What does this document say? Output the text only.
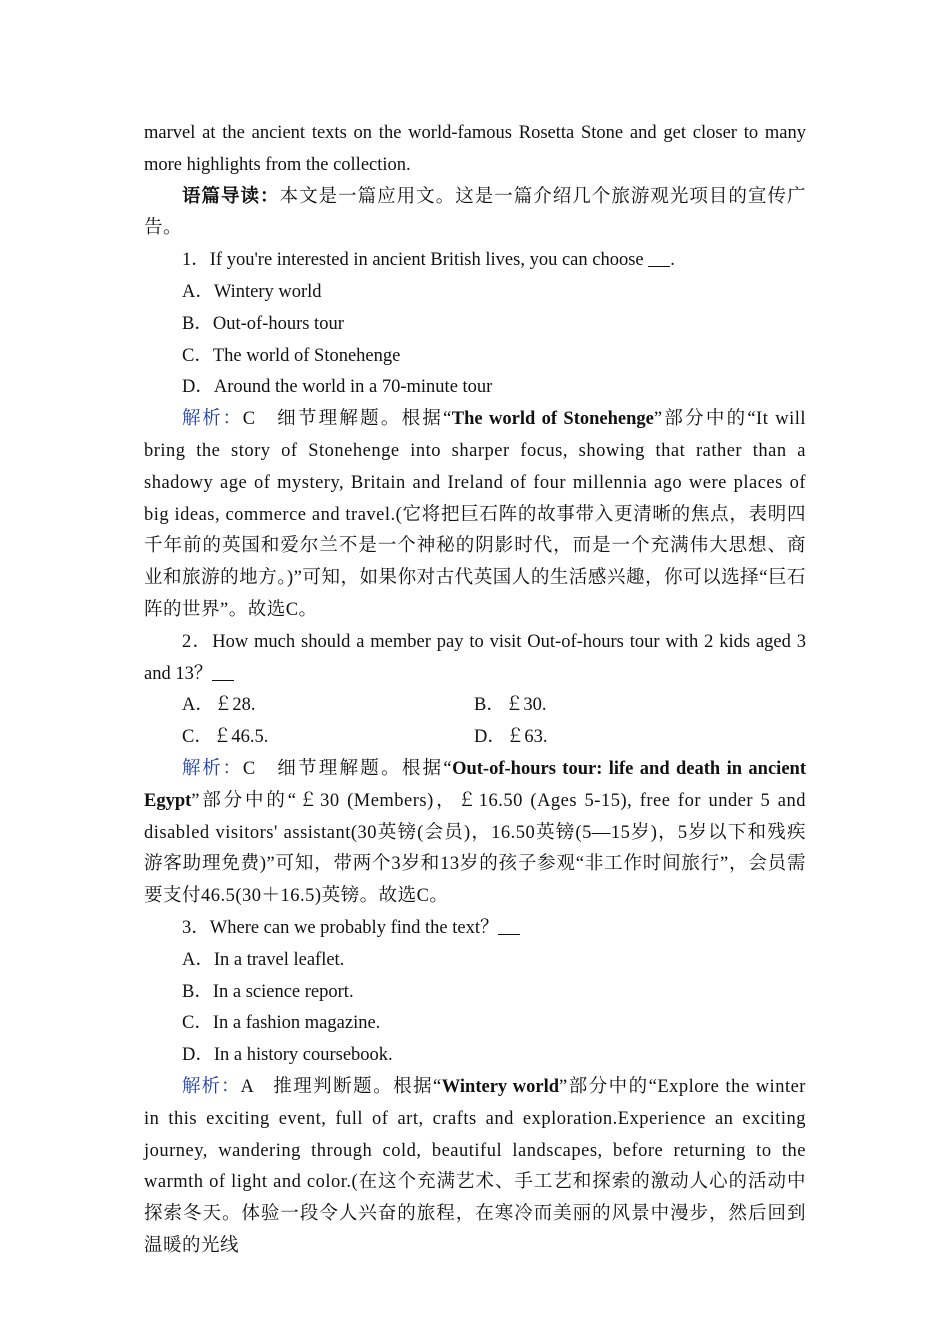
marvel at the ancient texts on the world-famous Rosetta Stone and get closer to many more highlights from the collection.

语篇导读：本文是一篇应用文。这是一篇介绍几个旅游观光项目的宣传广告。

1．If you're interested in ancient British lives, you can choose .

A．Wintery world

B．Out-of-hours tour

C．The world of Stonehenge

D．Around the world in a 70-minute tour

解析：C　 细节理解题。根据“The world of Stonehenge”部分中的“It will bring the story of Stonehenge into sharper focus, showing that rather than a shadowy age of mystery, Britain and Ireland of four millennia ago were places of big ideas, commerce and travel.(它将把巨石阵的故事带入更清晰的焦点，表明四千年前的英国和爱尔兰不是一个神秘的阴影时代，而是一个充满伟大思想、商业和旅游的地方。)”可知，如果你对古代英国人的生活感兴趣，你可以选择“巨石阵的世界”。故选C。

2．How much should a member pay to visit Out-of-hours tour with 2 kids aged 3 and 13？

A．￡28.	B．￡30.
C．￡46.5.	D．￡63.

解析：C　 细节理解题。根据“Out-of-hours tour: life and death in ancient Egypt”部分中的“￡30 (Members)，￡16.50 (Ages 5-15), free for under 5 and disabled visitors' assistant(30英镑(会员)，16.50英镑(5—15岁)，5岁以下和残疾游客助理免费)”可知，带两个3岁和13岁的孩子参观“非工作时间旅行”，会员需要支付46.5(30＋16.5)英镑。故选C。

3．Where can we probably find the text？

A．In a travel leaflet.

B．In a science report.

C．In a fashion magazine.

D．In a history coursebook.

解析：A　 推理判断题。根据“Wintery world”部分中的“Explore the winter in this exciting event, full of art, crafts and exploration.Experience an exciting journey, wandering through cold, beautiful landscapes, before returning to the warmth of light and color.(在这个充满艺术、手工艺和探索的激动人心的活动中探索冬天。体验一段令人兴奋的旅程，在寒冷而美丽的风景中漫步，然后回到温暖的光线
